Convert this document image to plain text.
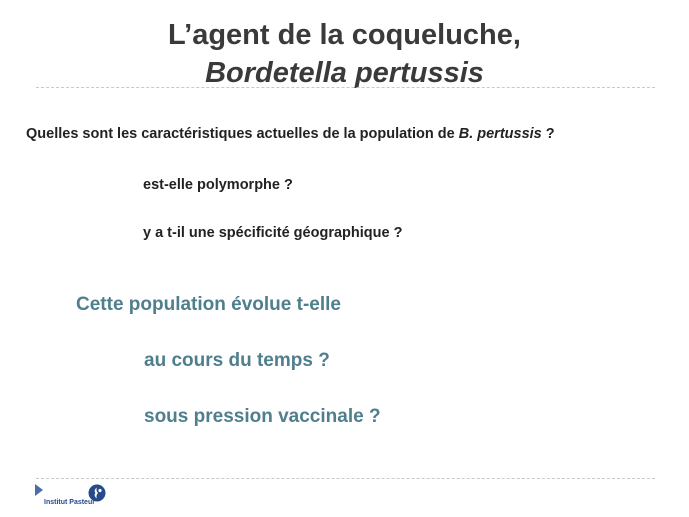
L’agent de la coqueluche,
Bordetella pertussis
Quelles sont les caractéristiques actuelles de la population de B. pertussis ?
est-elle polymorphe ?
y a t-il une spécificité géographique ?
Cette population évolue t-elle
au cours du temps ?
sous pression vaccinale ?
Institut Pasteur
